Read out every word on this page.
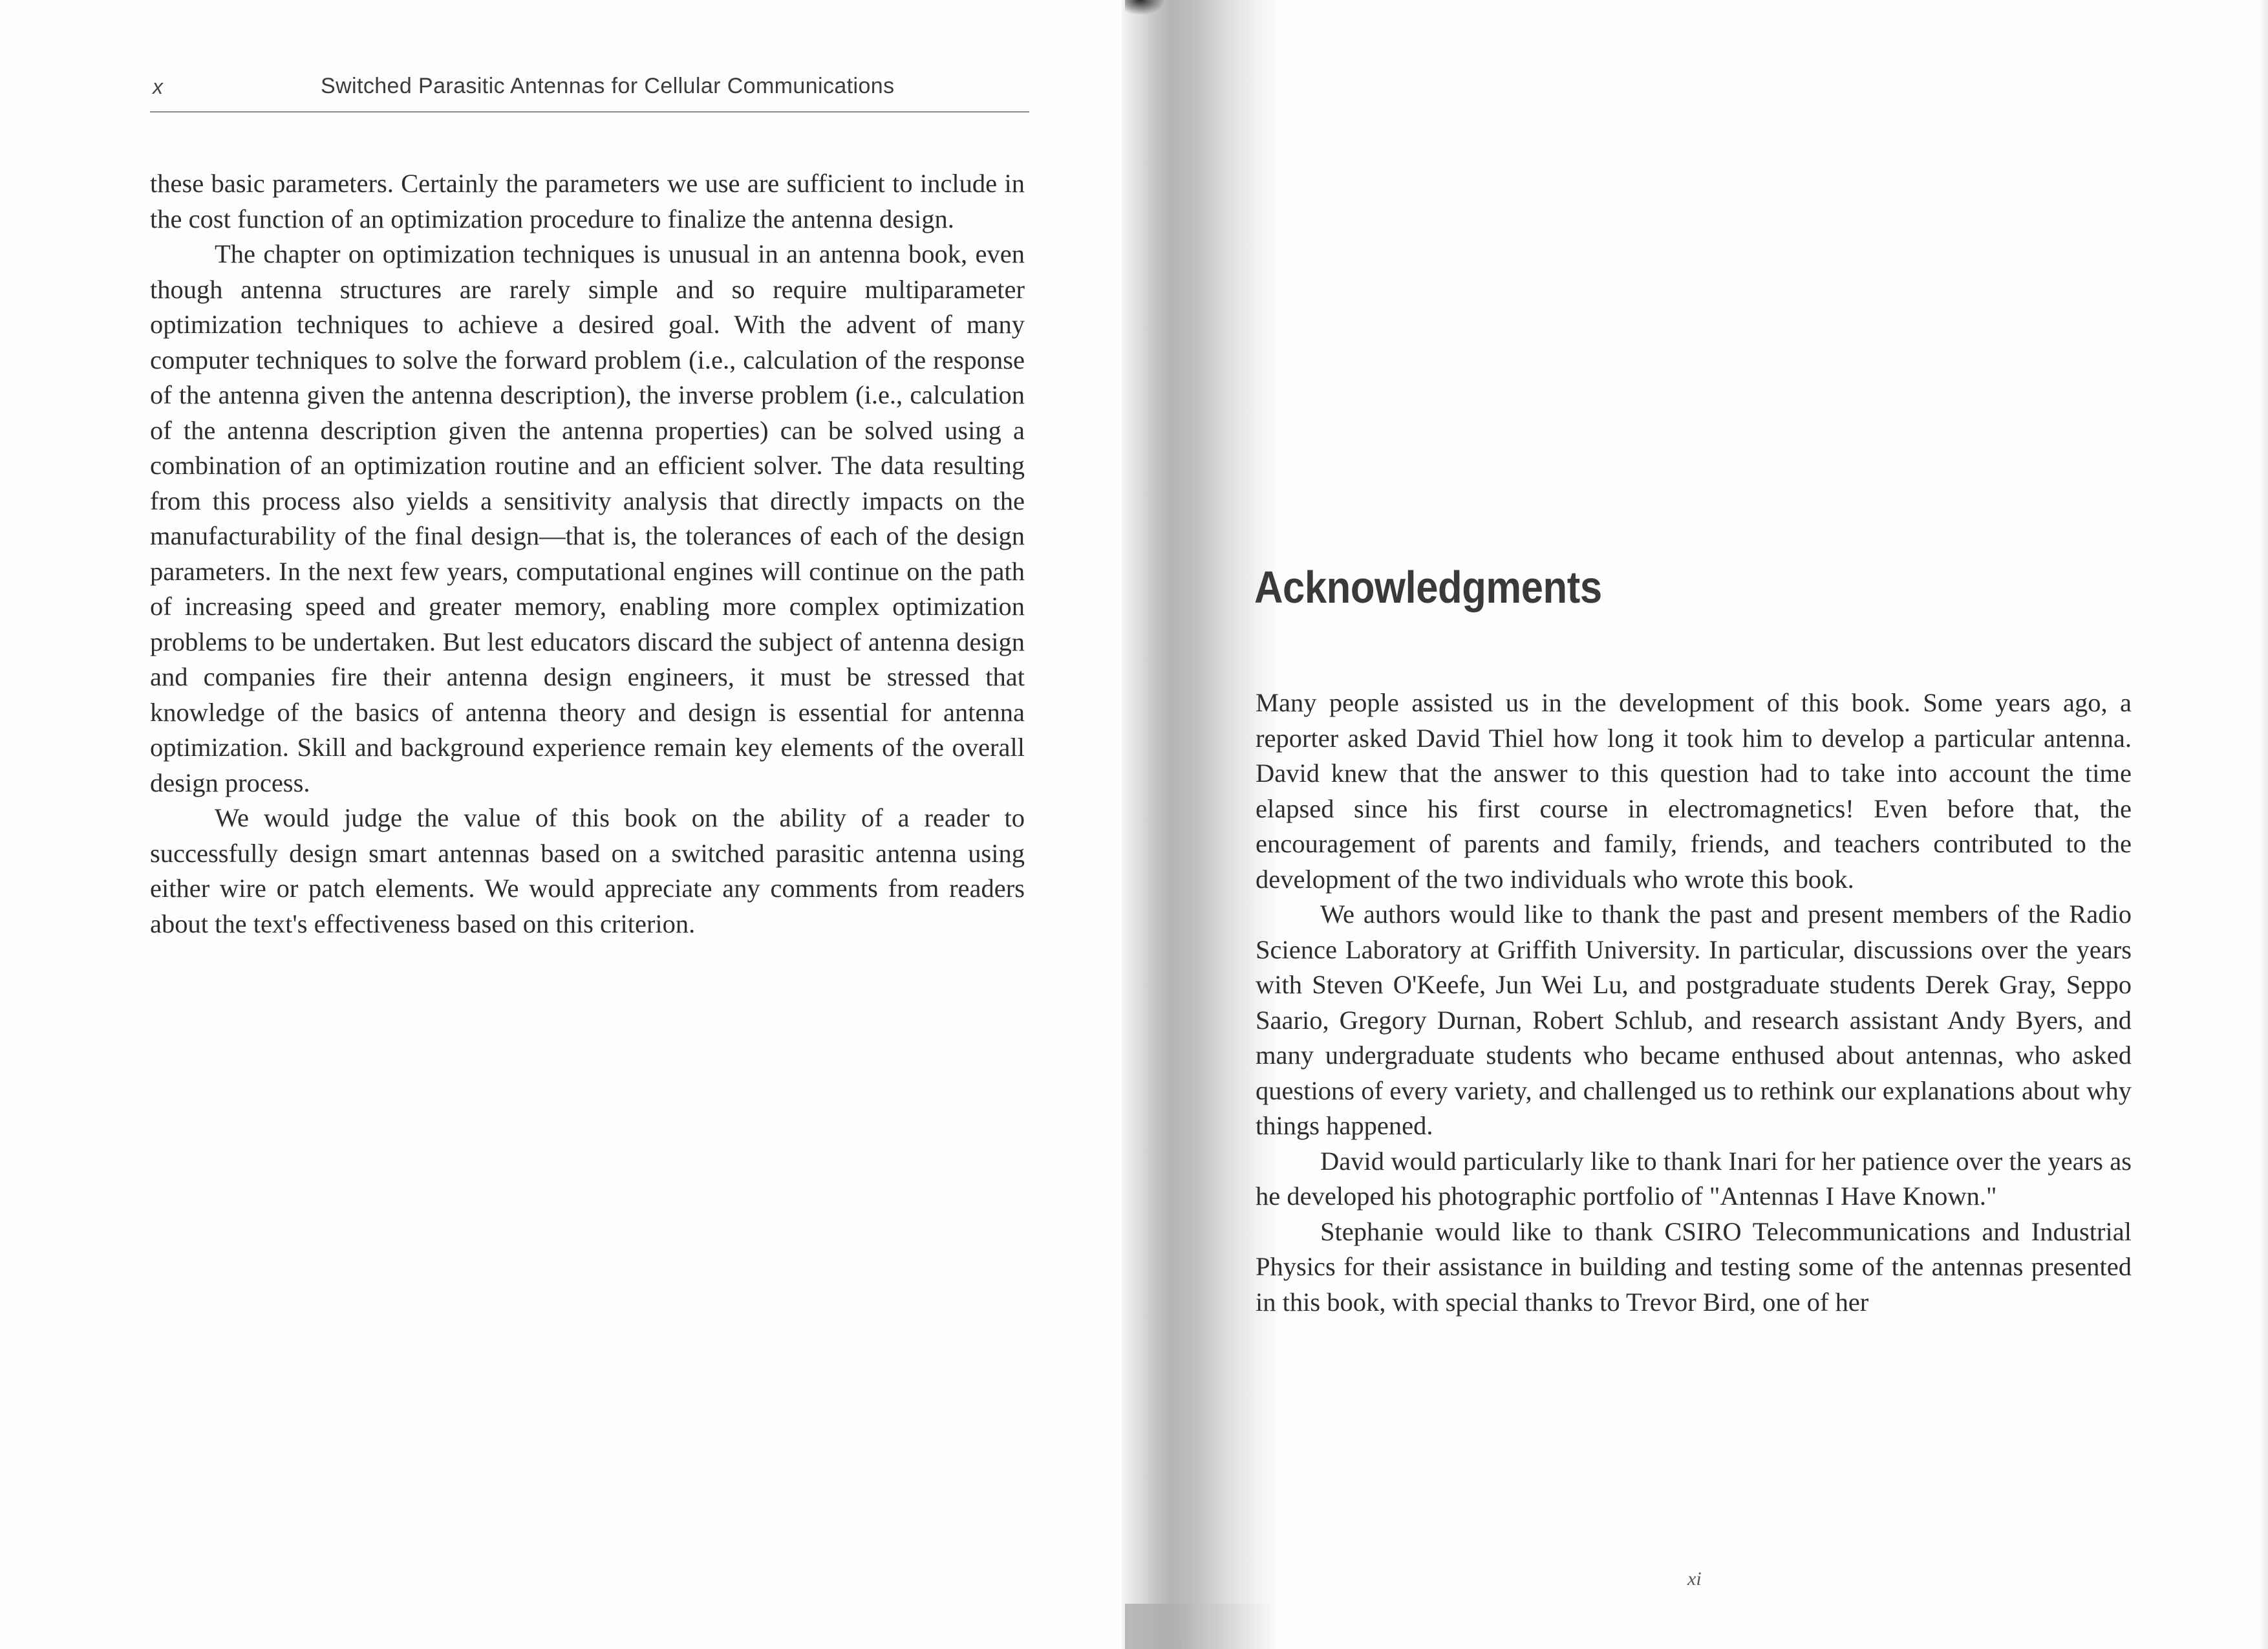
x	Switched Parasitic Antennas for Cellular Communications

these basic parameters. Certainly the parameters we use are sufficient to include in the cost function of an optimization procedure to finalize the antenna design.

The chapter on optimization techniques is unusual in an antenna book, even though antenna structures are rarely simple and so require multiparameter optimization techniques to achieve a desired goal. With the advent of many computer techniques to solve the forward problem (i.e., calculation of the response of the antenna given the antenna description), the inverse problem (i.e., calculation of the antenna description given the antenna properties) can be solved using a combination of an optimization routine and an efficient solver. The data resulting from this process also yields a sensitivity analysis that directly impacts on the manufacturability of the final design—that is, the tolerances of each of the design parameters. In the next few years, computational engines will continue on the path of increasing speed and greater memory, enabling more complex optimization problems to be undertaken. But lest educators discard the subject of antenna design and companies fire their antenna design engineers, it must be stressed that knowledge of the basics of antenna theory and design is essential for antenna optimization. Skill and background experience remain key elements of the overall design process.

We would judge the value of this book on the ability of a reader to successfully design smart antennas based on a switched parasitic antenna using either wire or patch elements. We would appreciate any comments from readers about the text's effectiveness based on this criterion.

Acknowledgments

Many people assisted us in the development of this book. Some years ago, a reporter asked David Thiel how long it took him to develop a particular antenna. David knew that the answer to this question had to take into account the time elapsed since his first course in electromagnetics! Even before that, the encouragement of parents and family, friends, and teachers contributed to the development of the two individuals who wrote this book.

We authors would like to thank the past and present members of the Radio Science Laboratory at Griffith University. In particular, discussions over the years with Steven O'Keefe, Jun Wei Lu, and postgraduate students Derek Gray, Seppo Saario, Gregory Durnan, Robert Schlub, and research assistant Andy Byers, and many undergraduate students who became enthused about antennas, who asked questions of every variety, and challenged us to rethink our explanations about why things happened.

David would particularly like to thank Inari for her patience over the years as he developed his photographic portfolio of "Antennas I Have Known."

Stephanie would like to thank CSIRO Telecommunications and Industrial Physics for their assistance in building and testing some of the antennas presented in this book, with special thanks to Trevor Bird, one of her

xi
